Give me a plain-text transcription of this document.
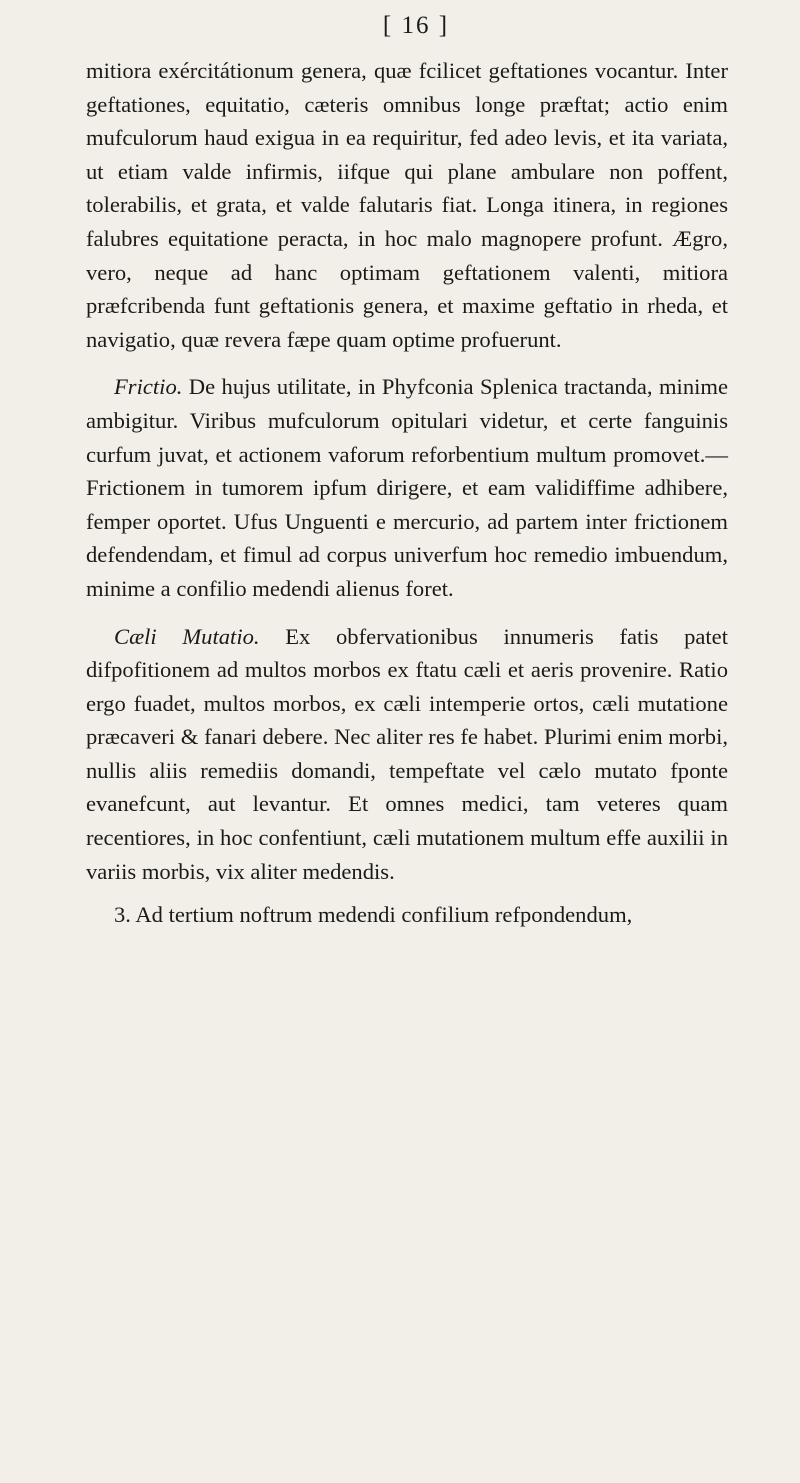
[ 16 ]

mitiora exércitátionum genera, quæ fcilicet geftationes vocantur. Inter geftationes, equitatio, cæteris omnibus longe præftat; actio enim mufculorum haud exigua in ea requiritur, fed adeo levis, et ita variata, ut etiam valde infirmis, iifque qui plane ambulare non poffent, tolerabilis, et grata, et valde falutaris fiat. Longa itinera, in regiones falubres equitatione peracta, in hoc malo magnopere profunt. Ægro, vero, neque ad hanc optimam geftationem valenti, mitiora præfcribenda funt geftationis genera, et maxime geftatio in rheda, et navigatio, quæ revera fæpe quam optime profuerunt.

Frictio. De hujus utilitate, in Phyfconia Splenica tractanda, minime ambigitur. Viribus mufculorum opitulari videtur, et certe fanguinis curfum juvat, et actionem vaforum reforbentium multum promovet.—Frictionem in tumorem ipfum dirigere, et eam validiffime adhibere, femper oportet. Ufus Unguenti e mercurio, ad partem inter frictionem defendendam, et fimul ad corpus univerfum hoc remedio imbuendum, minime a confilio medendi alienus foret.

Cæli Mutatio. Ex obfervationibus innumeris fatis patet difpofitionem ad multos morbos ex ftatu cæli et aeris provenire. Ratio ergo fuadet, multos morbos, ex cæli intemperie ortos, cæli mutatione præcaveri & fanari debere. Nec aliter res fe habet. Plurimi enim morbi, nullis aliis remediis domandi, tempeftate vel cælo mutato fponte evanefcunt, aut levantur. Et omnes medici, tam veteres quam recentiores, in hoc confentiunt, cæli mutationem multum effe auxilii in variis morbis, vix aliter medendis.

3. Ad tertium noftrum medendi confilium refpondendum,
